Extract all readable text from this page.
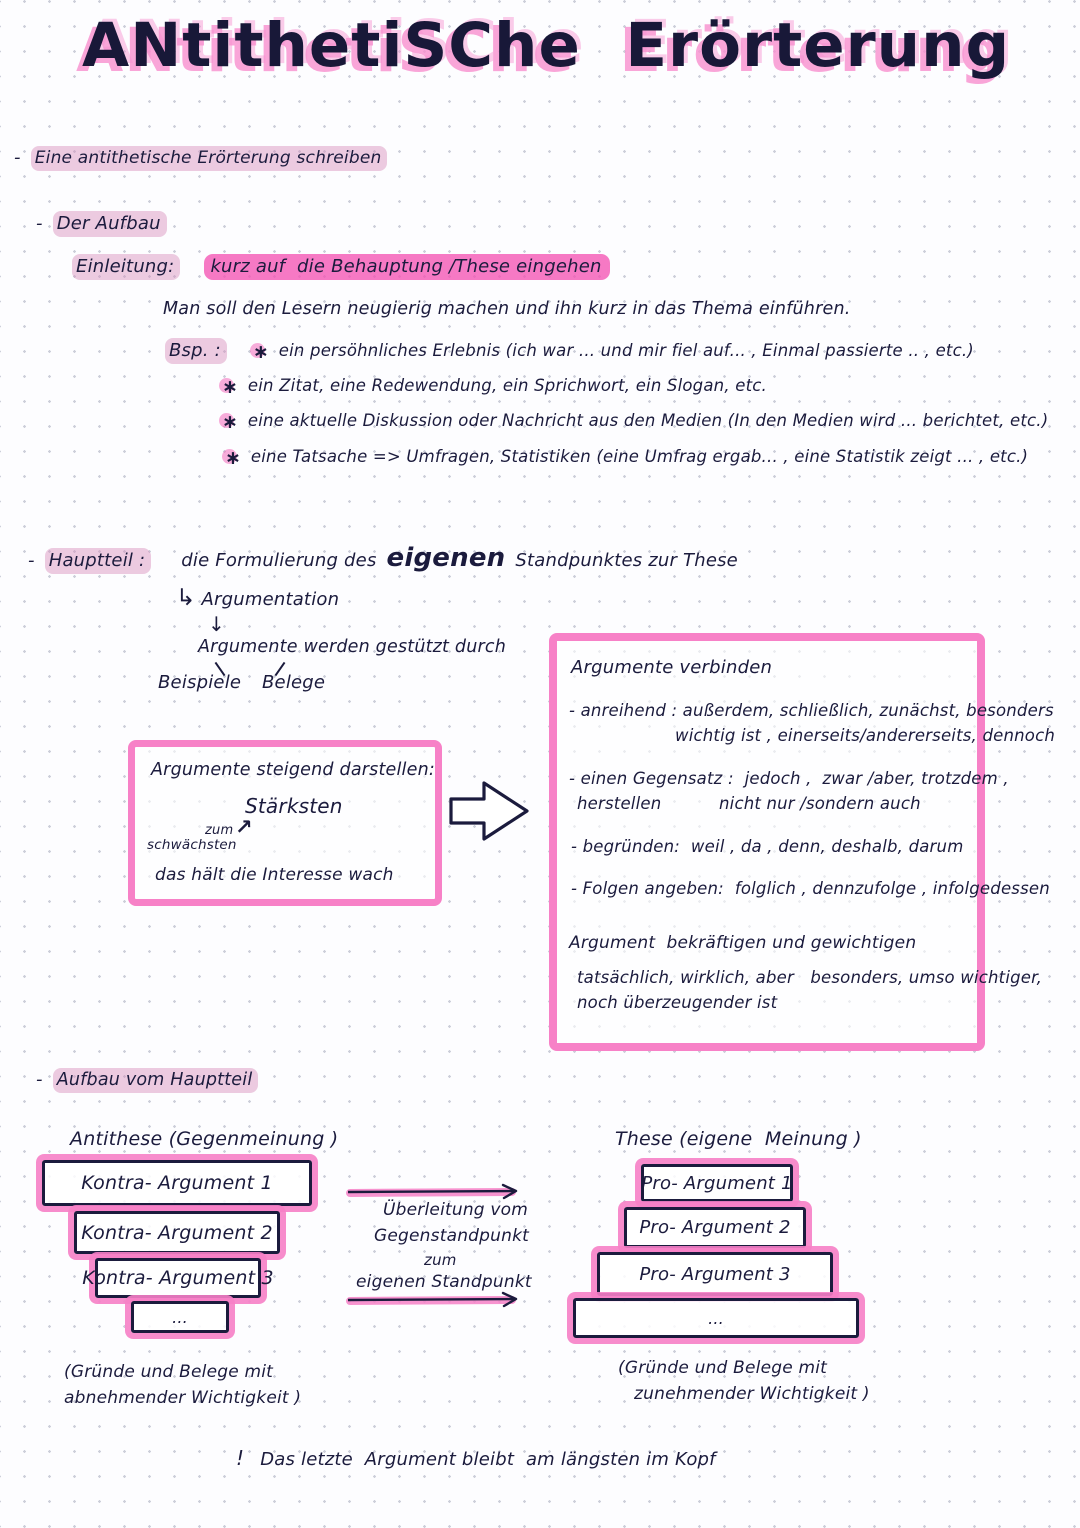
ANtithetiSChe  Erörterung
- Eine antithetische Erörterung schreiben
- Der Aufbau
Einleitung:	kurz auf  die Behauptung /These eingehen
Man soll den Lesern neugierig machen und ihn kurz in das Thema einführen.
Bsp. :	∗ ein persöhnliches Erlebnis (ich war ... und mir fiel auf... , Einmal passierte .. , etc.)
∗ ein Zitat, eine Redewendung, ein Sprichwort, ein Slogan, etc.
∗ eine aktuelle Diskussion oder Nachricht aus den Medien (In den Medien wird ... berichtet, etc.)
∗ eine Tatsache => Umfragen, Statistiken (eine Umfrag ergab... , eine Statistik zeigt ... , etc.)
- Hauptteil :	die Formulierung des eigenen Standpunktes zur These
↳ Argumentation
↓
Argumente werden gestützt durch
Beispiele Belege
Argumente steigend darstellen:
Stärksten
zum ↗
schwächsten
das hält die Interesse wach
Argumente verbinden
- anreihend : außerdem, schließlich, zunächst, besonders
wichtig ist , einerseits/andererseits, dennoch
- einen Gegensatz :  jedoch ,  zwar /aber, trotzdem ,
herstellen	nicht nur /sondern auch
- begründen:  weil , da , denn, deshalb, darum
- Folgen angeben:  folglich , dennzufolge , infolgedessen
Argument  bekräftigen und gewichtigen
tatsächlich, wirklich, aber   besonders, umso wichtiger,
noch überzeugender ist
- Aufbau vom Hauptteil
Antithese (Gegenmeinung )
Kontra- Argument 1
Kontra- Argument 2
Kontra- Argument 3
...
Überleitung vom
Gegenstandpunkt
zum
eigenen Standpunkt
These (eigene  Meinung )
Pro- Argument 1
Pro- Argument 2
Pro- Argument 3
...
(Gründe und Belege mit
abnehmender Wichtigkeit )
(Gründe und Belege mit
zunehmender Wichtigkeit )
! Das letzte  Argument bleibt  am längsten im Kopf
